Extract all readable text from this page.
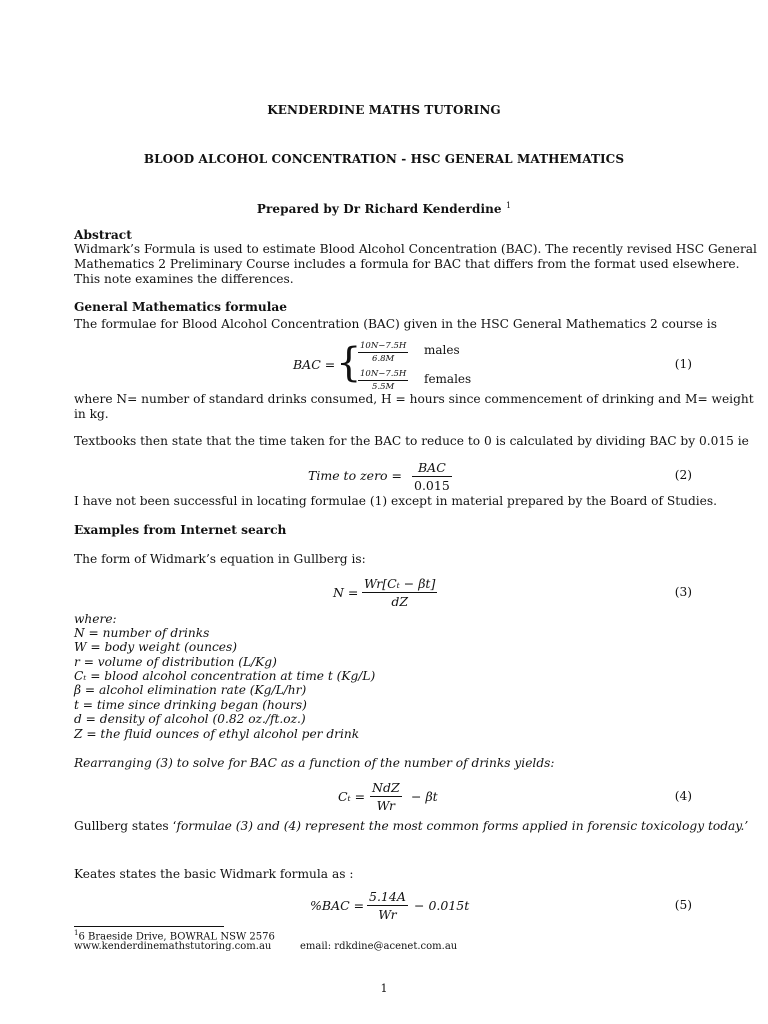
KENDERDINE MATHS TUTORING
BLOOD ALCOHOL CONCENTRATION - HSC GENERAL MATHEMATICS
Prepared by Dr Richard Kenderdine $^1$
Abstract
Widmark’s Formula is used to estimate Blood Alcohol Concentration (BAC). The recently revised HSC General
Mathematics 2 Preliminary Course includes a formula for BAC that differs from the format used elsewhere.
This note examines the differences.
General Mathematics formulae
The formulae for Blood Alcohol Concentration (BAC) given in the HSC General Mathematics 2 course is
BAC = {
$\frac{10N-7.5H}{6.8M}$ males
$\frac{10N-7.5H}{5.5M}$ females
(1)
where N= number of standard drinks consumed, H = hours since commencement of drinking and M= weight
in kg.
Textbooks then state that the time taken for the BAC to reduce to 0 is calculated by dividing BAC by 0.015 ie
Time to zero = $\frac{\text{BAC}}{0.015}$	(2)
I have not been successful in locating formulae (1) except in material prepared by the Board of Studies.
Examples from Internet search
The form of Widmark’s equation in Gullberg is:
$N = \frac{\text{Wr[Cₜ − βt]}}{dZ}$	(3)
where:
N = number of drinks
W = body weight (ounces)
r = volume of distribution (L/Kg)
Cₜ = blood alcohol concentration at time t (Kg/L)
β = alcohol elimination rate (Kg/L/hr)
t = time since drinking began (hours)
d = density of alcohol (0.82 oz./ft.oz.)
Z = the fluid ounces of ethyl alcohol per drink
Rearranging (3) to solve for BAC as a function of the number of drinks yields:
$C_t = \frac{\text{NdZ}}{Wr} - \beta t$	(4)
Gullberg states ‘formulae (3) and (4) represent the most common forms applied in forensic toxicology today.’
Keates states the basic Widmark formula as :
$\%BAC = \frac{5.14A}{Wr} - 0.015t$	(5)
$^1$6 Braeside Drive, BOWRAL NSW 2576
www.kenderdinemathstutoring.com.au	email: rdkdine@acenet.com.au
1
